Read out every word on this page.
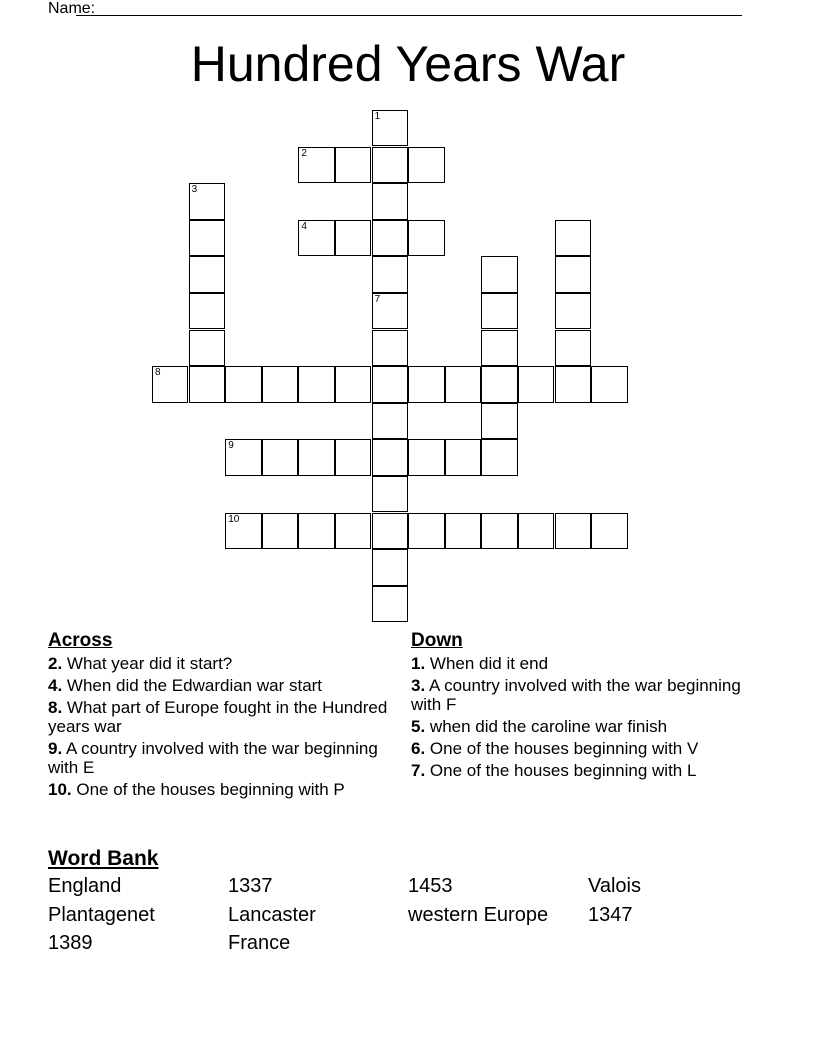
Name:
Hundred Years War
1
2
3
4
7
8
9
10
Across
2. What year did it start?
4. When did the Edwardian war start
8. What part of Europe fought in the Hundred years war
9. A country involved with the war beginning with E
10. One of the houses beginning with P
Down
1. When did it end
3. A country involved with the war beginning with F
5. when did the caroline war finish
6. One of the houses beginning with V
7. One of the houses beginning with L
Word Bank
England	1337	1453	Valois
Plantagenet	Lancaster	western Europe 1347
1389	France
